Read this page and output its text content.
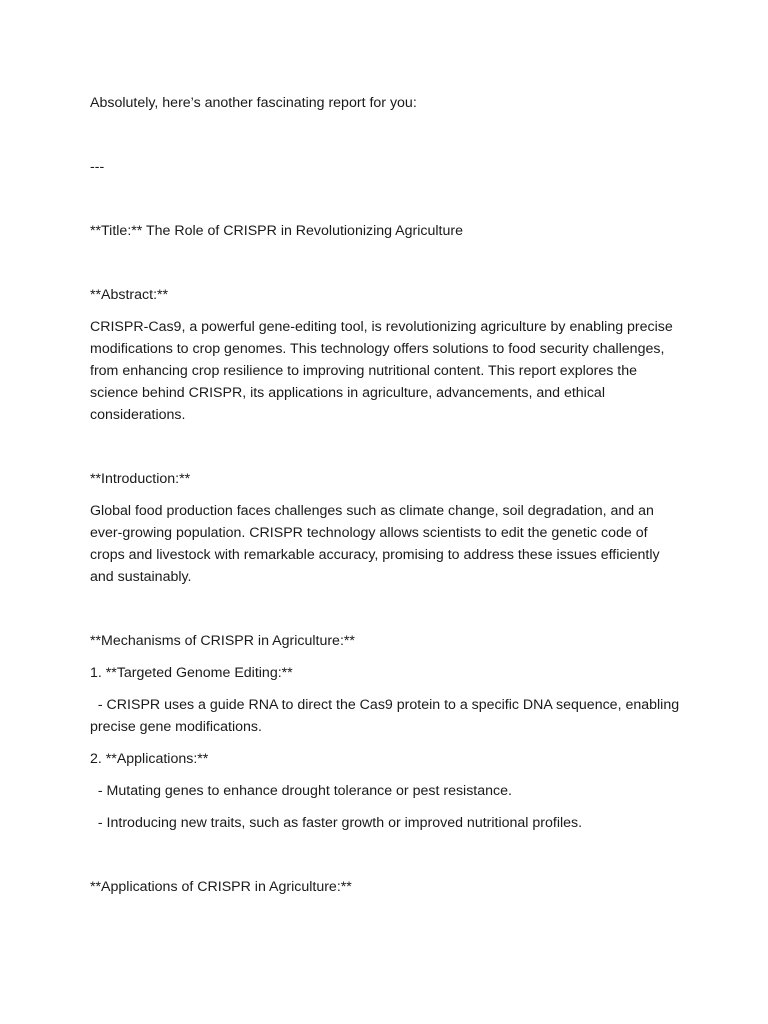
Absolutely, here’s another fascinating report for you:

---

**Title:** The Role of CRISPR in Revolutionizing Agriculture

**Abstract:**

CRISPR-Cas9, a powerful gene-editing tool, is revolutionizing agriculture by enabling precise modifications to crop genomes. This technology offers solutions to food security challenges, from enhancing crop resilience to improving nutritional content. This report explores the science behind CRISPR, its applications in agriculture, advancements, and ethical considerations.

**Introduction:**

Global food production faces challenges such as climate change, soil degradation, and an ever-growing population. CRISPR technology allows scientists to edit the genetic code of crops and livestock with remarkable accuracy, promising to address these issues efficiently and sustainably.

**Mechanisms of CRISPR in Agriculture:**

1. **Targeted Genome Editing:**

- CRISPR uses a guide RNA to direct the Cas9 protein to a specific DNA sequence, enabling precise gene modifications.

2. **Applications:**

- Mutating genes to enhance drought tolerance or pest resistance.

- Introducing new traits, such as faster growth or improved nutritional profiles.

**Applications of CRISPR in Agriculture:**
